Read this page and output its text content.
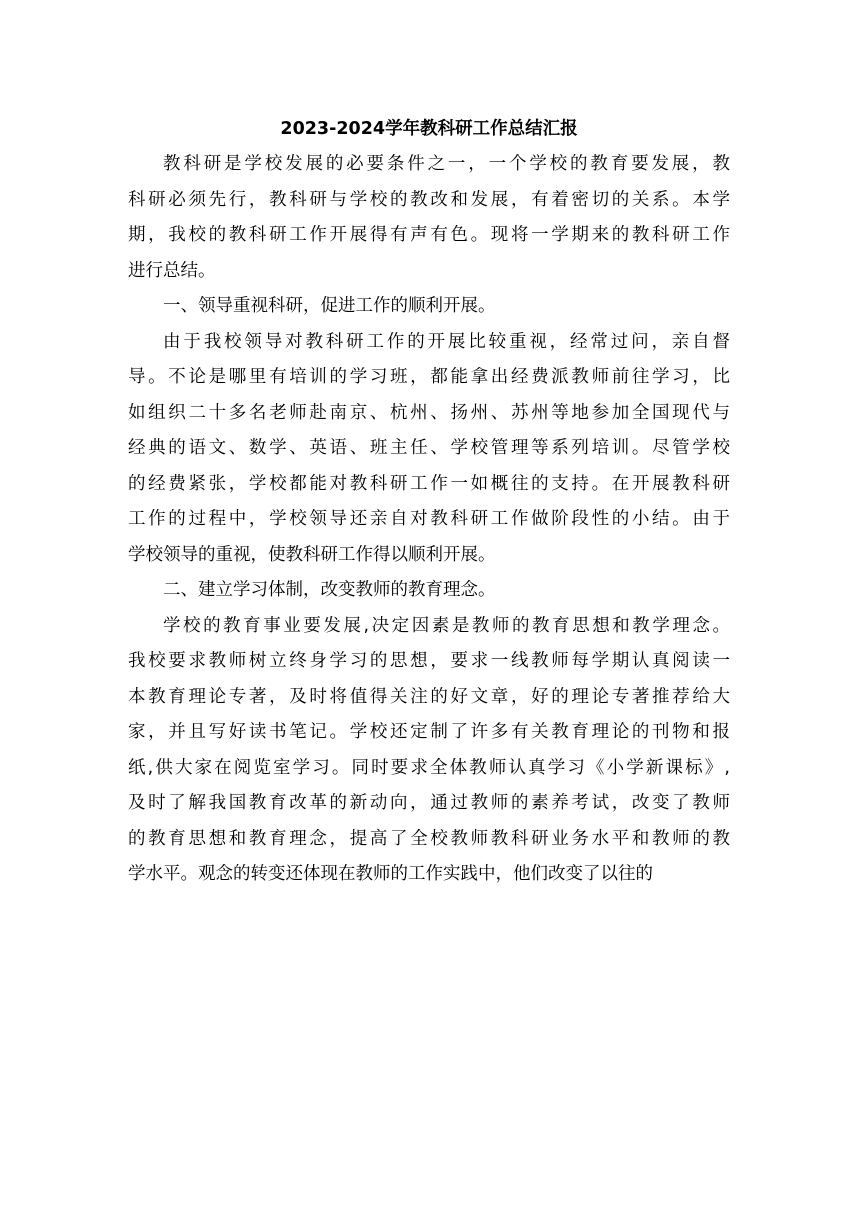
2023-2024学年教科研工作总结汇报

教科研是学校发展的必要条件之一，一个学校的教育要发展，教
科研必须先行，教科研与学校的教改和发展，有着密切的关系。本学
期，我校的教科研工作开展得有声有色。现将一学期来的教科研工作
进行总结。

一、领导重视科研，促进工作的顺利开展。

由于我校领导对教科研工作的开展比较重视，经常过问，亲自督
导。不论是哪里有培训的学习班，都能拿出经费派教师前往学习，比
如组织二十多名老师赴南京、杭州、扬州、苏州等地参加全国现代与
经典的语文、数学、英语、班主任、学校管理等系列培训。尽管学校
的经费紧张，学校都能对教科研工作一如概往的支持。在开展教科研
工作的过程中，学校领导还亲自对教科研工作做阶段性的小结。由于
学校领导的重视，使教科研工作得以顺利开展。

二、建立学习体制，改变教师的教育理念。

学校的教育事业要发展,决定因素是教师的教育思想和教学理念。
我校要求教师树立终身学习的思想，要求一线教师每学期认真阅读一
本教育理论专著，及时将值得关注的好文章，好的理论专著推荐给大
家，并且写好读书笔记。学校还定制了许多有关教育理论的刊物和报
纸,供大家在阅览室学习。同时要求全体教师认真学习《小学新课标》,
及时了解我国教育改革的新动向，通过教师的素养考试，改变了教师
的教育思想和教育理念，提高了全校教师教科研业务水平和教师的教
学水平。观念的转变还体现在教师的工作实践中，他们改变了以往的
